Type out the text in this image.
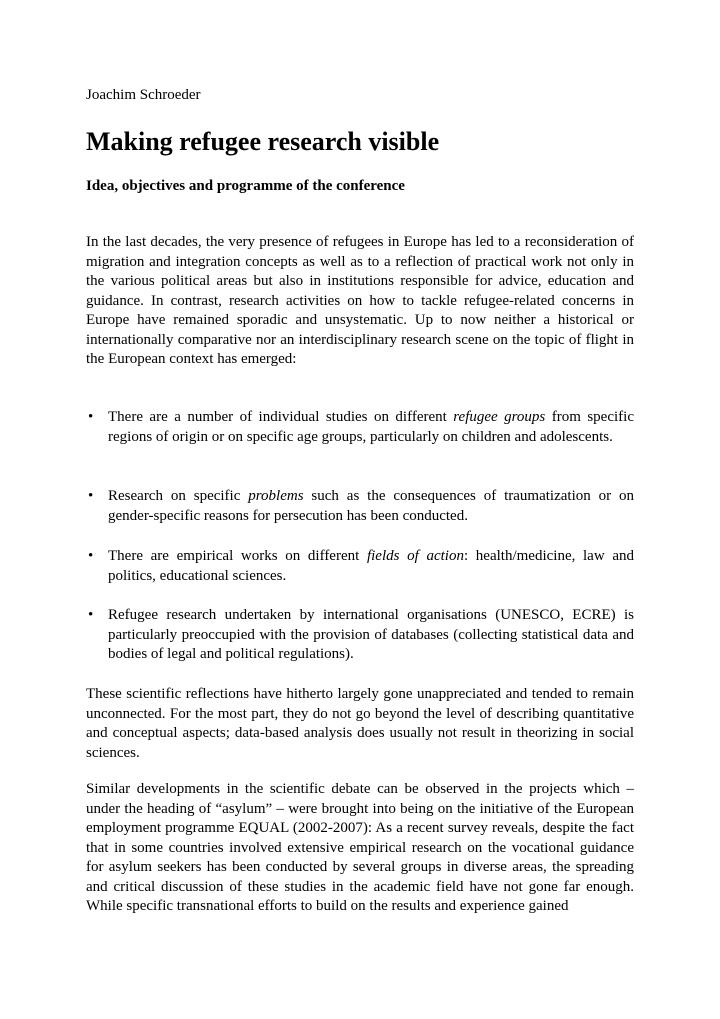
Joachim Schroeder
Making refugee research visible
Idea, objectives and programme of the conference

In the last decades, the very presence of refugees in Europe has led to a reconsideration of migration and integration concepts as well as to a reflection of practical work not only in the various political areas but also in institutions responsible for advice, education and guidance. In contrast, research activities on how to tackle refugee-related concerns in Europe have remained sporadic and unsystematic. Up to now neither a historical or internationally comparative nor an interdisciplinary research scene on the topic of flight in the European context has emerged:

• There are a number of individual studies on different refugee groups from specific regions of origin or on specific age groups, particularly on children and adolescents.
• Research on specific problems such as the consequences of traumatization or on gender-specific reasons for persecution has been conducted.
• There are empirical works on different fields of action: health/medicine, law and politics, educational sciences.
• Refugee research undertaken by international organisations (UNESCO, ECRE) is particularly preoccupied with the provision of databases (collecting statistical data and bodies of legal and political regulations).

These scientific reflections have hitherto largely gone unappreciated and tended to remain unconnected. For the most part, they do not go beyond the level of describing quantitative and conceptual aspects; data-based analysis does usually not result in theorizing in social sciences.

Similar developments in the scientific debate can be observed in the projects which – under the heading of “asylum” – were brought into being on the initiative of the European employment programme EQUAL (2002-2007): As a recent survey reveals, despite the fact that in some countries involved extensive empirical research on the vocational guidance for asylum seekers has been conducted by several groups in diverse areas, the spreading and critical discussion of these studies in the academic field have not gone far enough. While specific transnational efforts to build on the results and experience gained
